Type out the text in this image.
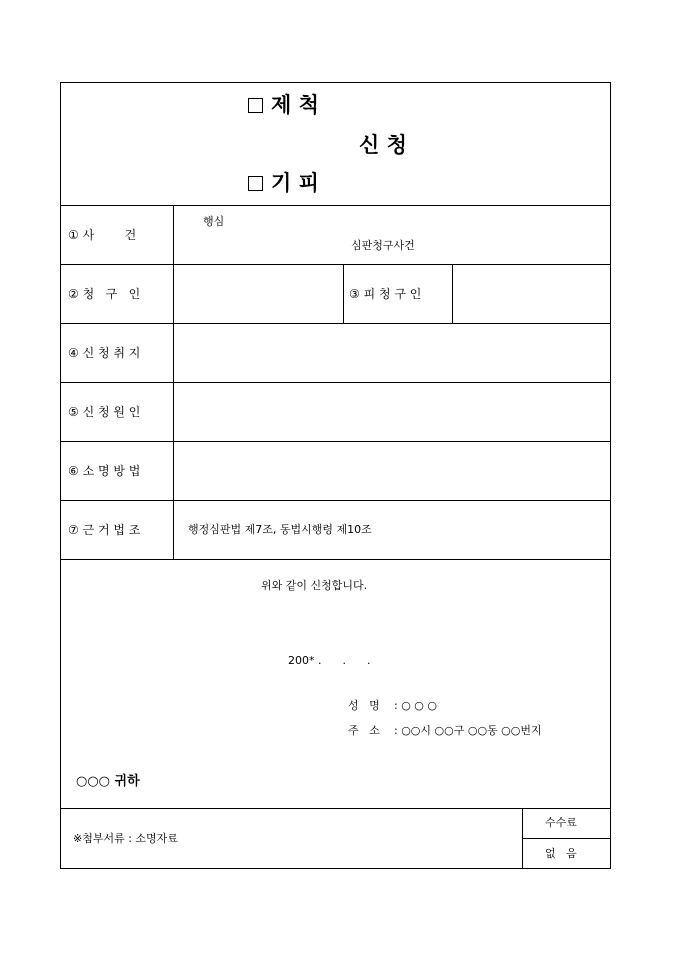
제 척
신 청
기 피
① 사        건
행심
심판청구사건
② 청   구   인	③ 피 청 구 인
④ 신 청 취 지
⑤ 신 청 원 인
⑥ 소 명 방 법
⑦ 근 거 법 조	행정심판법 제7조, 동법시행령 제10조
위와 같이 신청합니다.
200* .      .      .
성   명 : ○ ○ ○
주   소 : ○○시 ○○구 ○○동 ○○번지
○○○ 귀하
※첨부서류 : 소명자료
수수료
없   음
